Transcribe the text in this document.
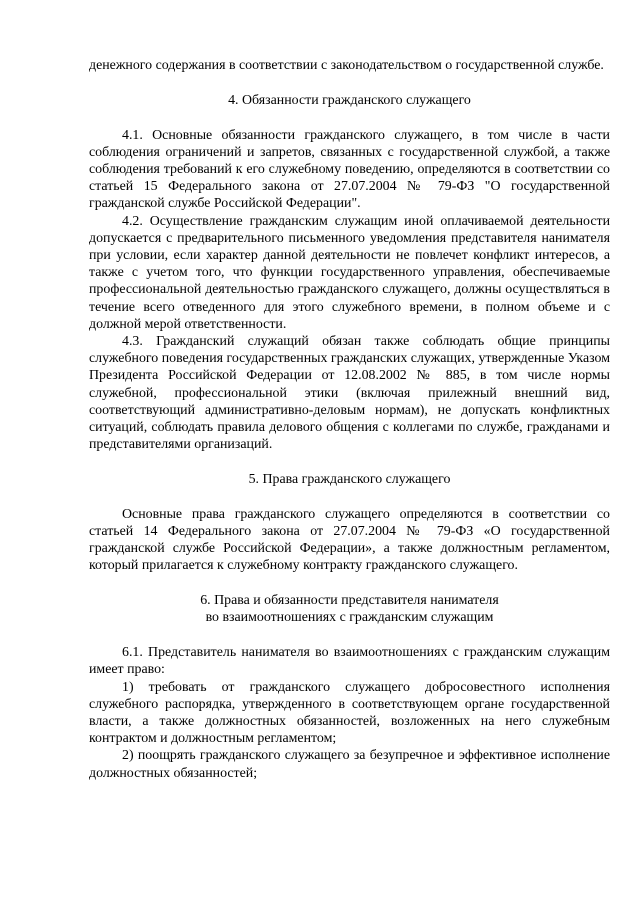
денежного содержания в соответствии с законодательством о государственной службе.

4. Обязанности гражданского служащего

4.1. Основные обязанности гражданского служащего, в том числе в части соблюдения ограничений и запретов, связанных с государственной службой, а также соблюдения требований к его служебному поведению, определяются в соответствии со статьей 15 Федерального закона от 27.07.2004 № 79-ФЗ "О государственной гражданской службе Российской Федерации".

4.2. Осуществление гражданским служащим иной оплачиваемой деятельности допускается с предварительного письменного уведомления представителя нанимателя при условии, если характер данной деятельности не повлечет конфликт интересов, а также с учетом того, что функции государственного управления, обеспечиваемые профессиональной деятельностью гражданского служащего, должны осуществляться в течение всего отведенного для этого служебного времени, в полном объеме и с должной мерой ответственности.

4.3. Гражданский служащий обязан также соблюдать общие принципы служебного поведения государственных гражданских служащих, утвержденные Указом Президента Российской Федерации от 12.08.2002 № 885, в том числе нормы служебной, профессиональной этики (включая прилежный внешний вид, соответствующий административно-деловым нормам), не допускать конфликтных ситуаций, соблюдать правила делового общения с коллегами по службе, гражданами и представителями организаций.

5. Права гражданского служащего

Основные права гражданского служащего определяются в соответствии со статьей 14 Федерального закона от 27.07.2004 № 79-ФЗ «О государственной гражданской службе Российской Федерации», а также должностным регламентом, который прилагается к служебному контракту гражданского служащего.

6. Права и обязанности представителя нанимателя

во взаимоотношениях с гражданским служащим

6.1. Представитель нанимателя во взаимоотношениях с гражданским служащим имеет право:

1) требовать от гражданского служащего добросовестного исполнения служебного распорядка, утвержденного в соответствующем органе государственной власти, а также должностных обязанностей, возложенных на него служебным контрактом и должностным регламентом;

2) поощрять гражданского служащего за безупречное и эффективное исполнение должностных обязанностей;
